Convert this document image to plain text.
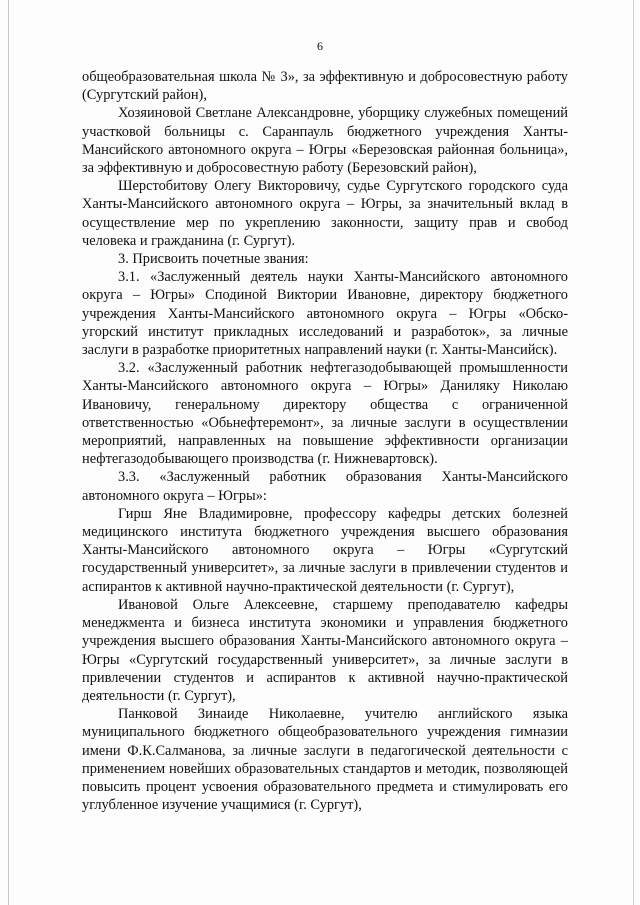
6

общеобразовательная школа № 3», за эффективную и добросовестную работу (Сургутский район),

Хозяиновой Светлане Александровне, уборщику служебных помещений участковой больницы с. Саранпауль бюджетного учреждения Ханты-Мансийского автономного округа – Югры «Березовская районная больница», за эффективную и добросовестную работу (Березовский район),

Шерстобитову Олегу Викторовичу, судье Сургутского городского суда Ханты-Мансийского автономного округа – Югры, за значительный вклад в осуществление мер по укреплению законности, защиту прав и свобод человека и гражданина (г. Сургут).

3. Присвоить почетные звания:

3.1. «Заслуженный деятель науки Ханты-Мансийского автономного округа – Югры» Сподиной Виктории Ивановне, директору бюджетного учреждения Ханты-Мансийского автономного округа – Югры «Обско-угорский институт прикладных исследований и разработок», за личные заслуги в разработке приоритетных направлений науки (г. Ханты-Мансийск).

3.2. «Заслуженный работник нефтегазодобывающей промышленности Ханты-Мансийского автономного округа – Югры» Даниляку Николаю Ивановичу, генеральному директору общества с ограниченной ответственностью «Обьнефтеремонт», за личные заслуги в осуществлении мероприятий, направленных на повышение эффективности организации нефтегазодобывающего производства (г. Нижневартовск).

3.3. «Заслуженный работник образования Ханты-Мансийского автономного округа – Югры»:

Гирш Яне Владимировне, профессору кафедры детских болезней медицинского института бюджетного учреждения высшего образования Ханты-Мансийского автономного округа – Югры «Сургутский государственный университет», за личные заслуги в привлечении студентов и аспирантов к активной научно-практической деятельности (г. Сургут),

Ивановой Ольге Алексеевне, старшему преподавателю кафедры менеджмента и бизнеса института экономики и управления бюджетного учреждения высшего образования Ханты-Мансийского автономного округа – Югры «Сургутский государственный университет», за личные заслуги в привлечении студентов и аспирантов к активной научно-практической деятельности (г. Сургут),

Панковой Зинаиде Николаевне, учителю английского языка муниципального бюджетного общеобразовательного учреждения гимназии имени Ф.К.Салманова, за личные заслуги в педагогической деятельности с применением новейших образовательных стандартов и методик, позволяющей повысить процент усвоения образовательного предмета и стимулировать его углубленное изучение учащимися (г. Сургут),
